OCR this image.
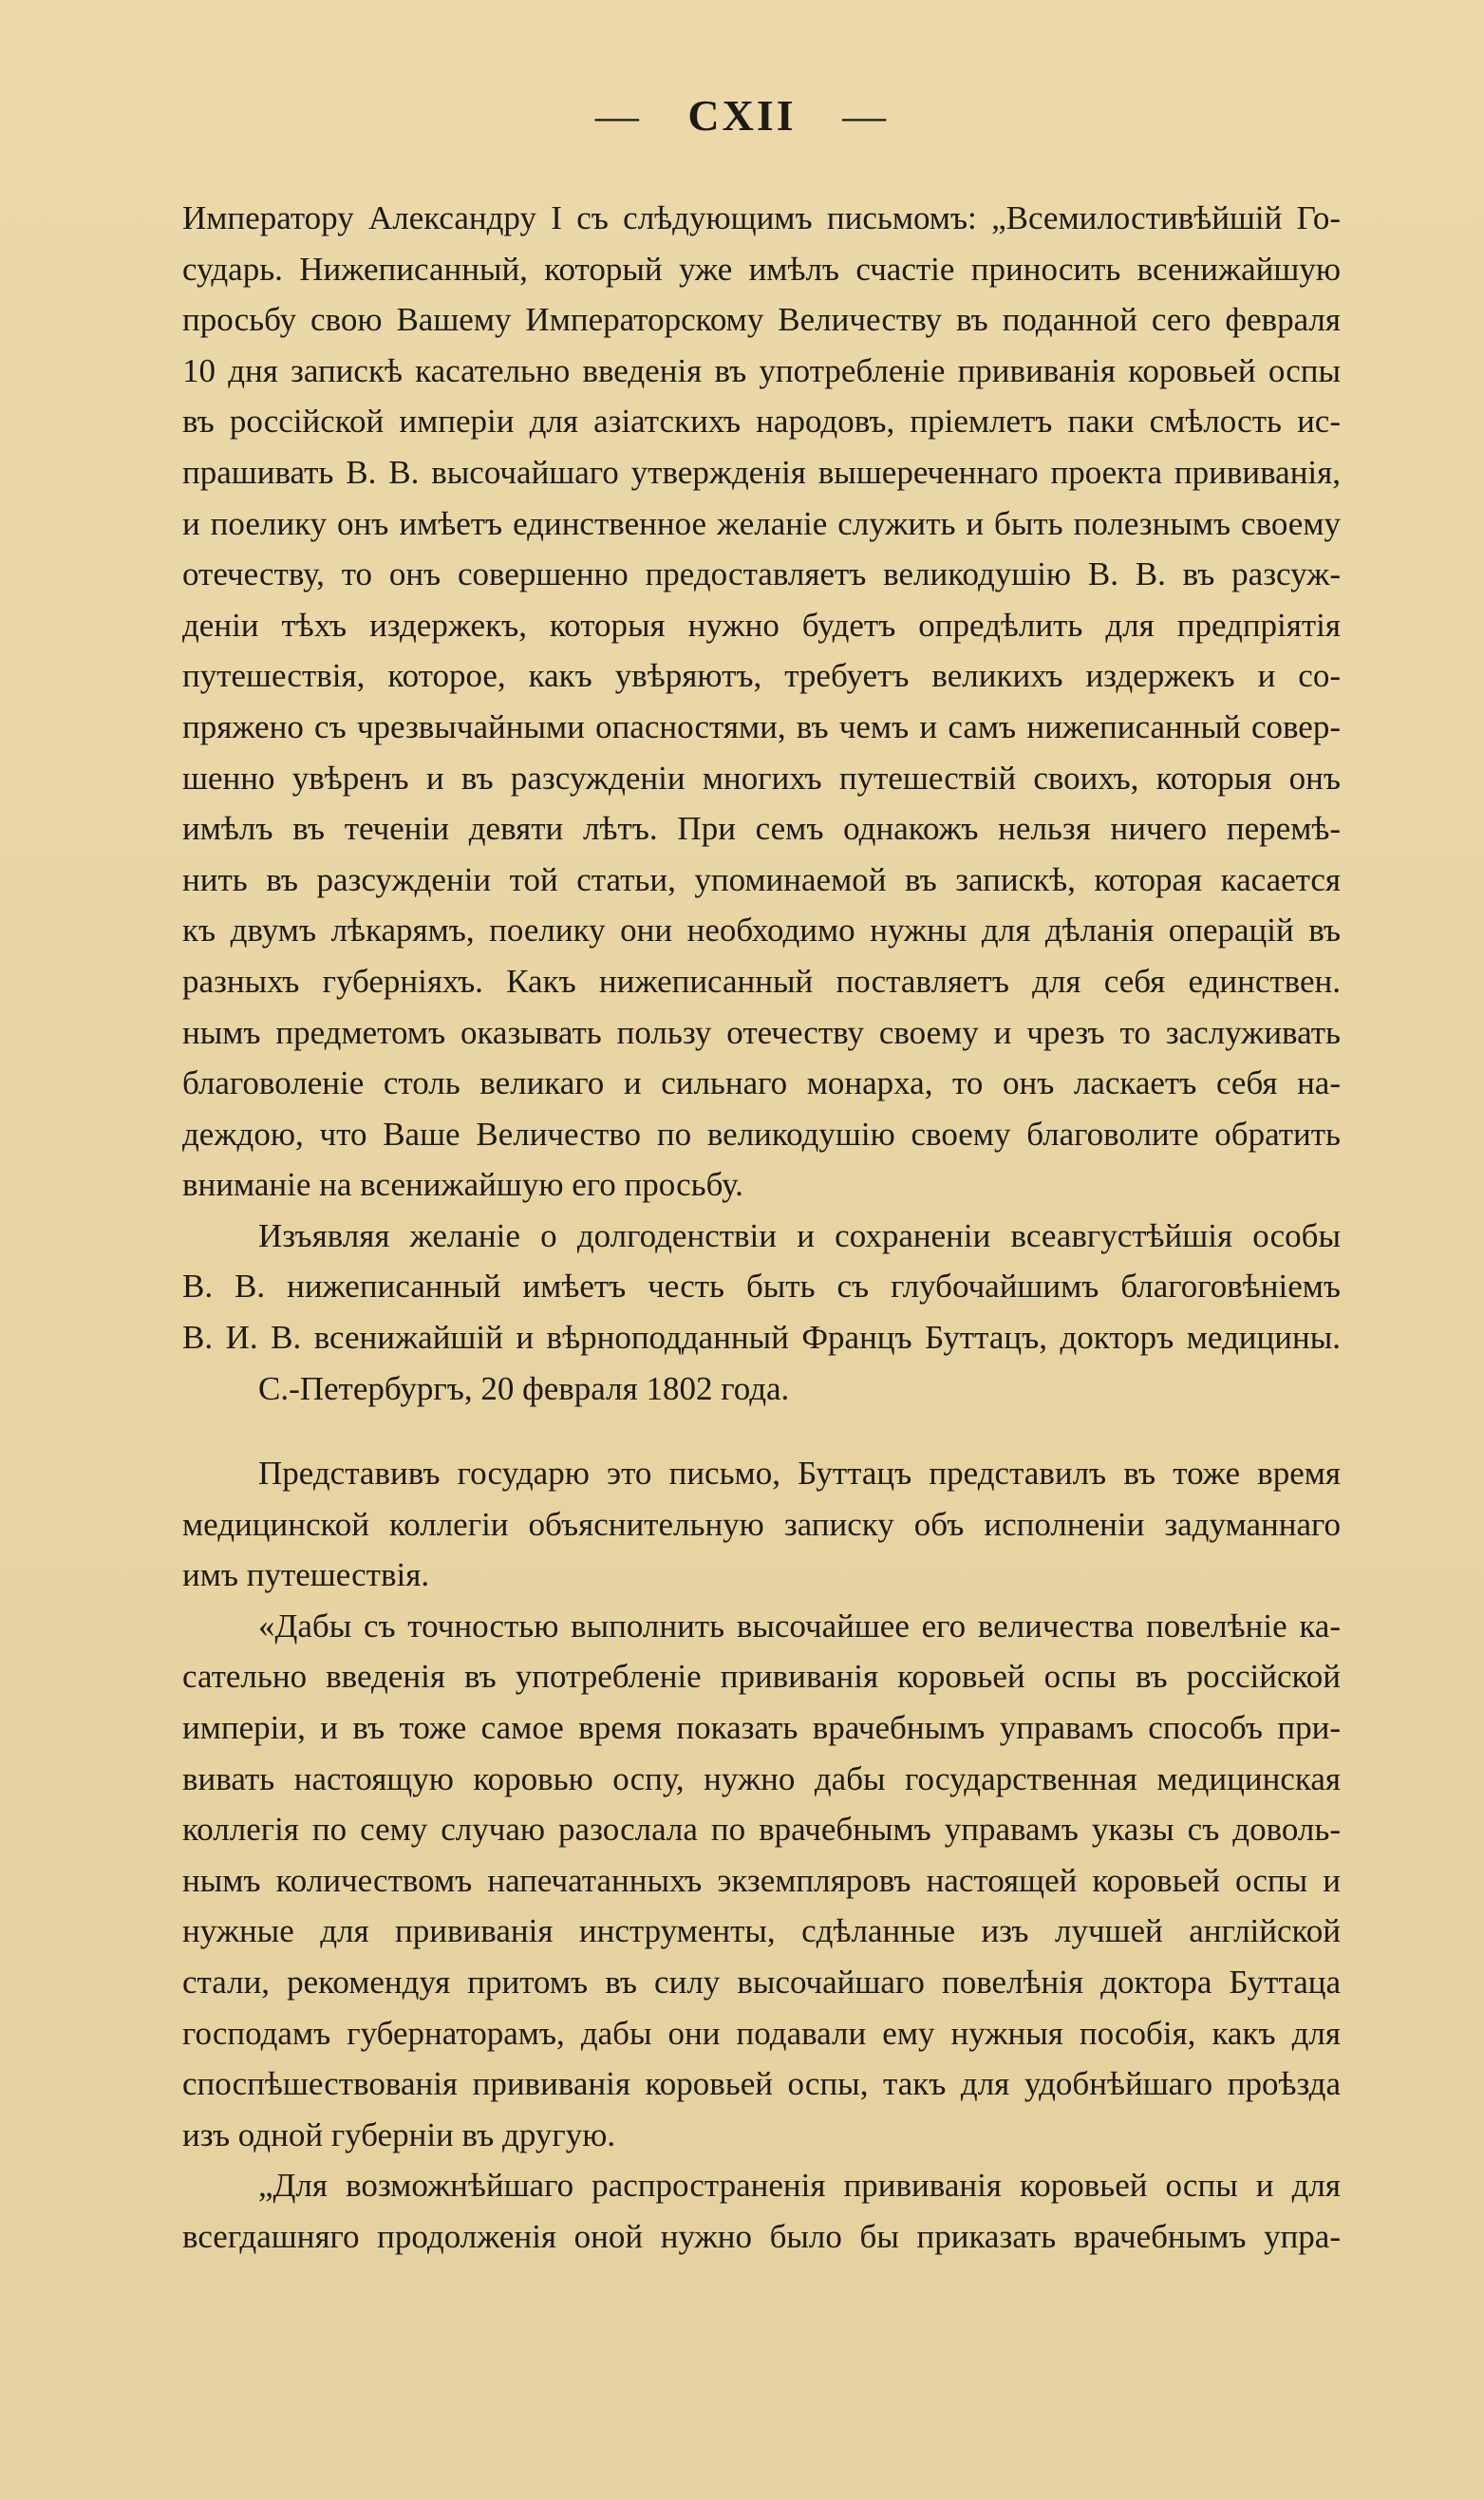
— CXII —
Императору Александру I съ слѣдующимъ письмомъ: „Всемилостивѣйшій Го-
сударь. Нижеписанный, который уже имѣлъ счастіе приносить всенижайшую
просьбу свою Вашему Императорскому Величеству въ поданной сего февраля
10 дня запискѣ касательно введенія въ употребленіе прививанія коровьей оспы
въ россійской имперіи для азіатскихъ народовъ, пріемлетъ паки смѣлость ис-
прашивать В. В. высочайшаго утвержденія вышереченнаго проекта прививанія,
и поелику онъ имѣетъ единственное желаніе служить и быть полезнымъ своему
отечеству, то онъ совершенно предоставляетъ великодушію В. В. въ разсуж-
деніи тѣхъ издержекъ, которыя нужно будетъ опредѣлить для предпріятія
путешествія, которое, какъ увѣряютъ, требуетъ великихъ издержекъ и со-
пряжено съ чрезвычайными опасностями, въ чемъ и самъ нижеписанный совер-
шенно увѣренъ и въ разсужденіи многихъ путешествій своихъ, которыя онъ
имѣлъ въ теченіи девяти лѣтъ. При семъ однакожъ нельзя ничего перемѣ-
нить въ разсужденіи той статьи, упоминаемой въ запискѣ, которая касается
къ двумъ лѣкарямъ, поелику они необходимо нужны для дѣланія операцій въ
разныхъ губерніяхъ. Какъ нижеписанный поставляетъ для себя единствен.
нымъ предметомъ оказывать пользу отечеству своему и чрезъ то заслуживать
благоволеніе столь великаго и сильнаго монарха, то онъ ласкаетъ себя на-
деждою, что Ваше Величество по великодушію своему благоволите обратить
вниманіе на всенижайшую его просьбу.
Изъявляя желаніе о долгоденствіи и сохраненіи всеавгустѣйшія особы
В. В. нижеписанный имѣетъ честь быть съ глубочайшимъ благоговѣніемъ
В. И. В. всенижайшій и вѣрноподданный Францъ Буттацъ, докторъ медицины.
С.-Петербургъ, 20 февраля 1802 года.
Представивъ государю это письмо, Буттацъ представилъ въ тоже время
медицинской коллегіи объяснительную записку объ исполненіи задуманнаго
имъ путешествія.
«Дабы съ точностью выполнить высочайшее его величества повелѣніе ка-
сательно введенія въ употребленіе прививанія коровьей оспы въ россійской
имперіи, и въ тоже самое время показать врачебнымъ управамъ способъ при-
вивать настоящую коровью оспу, нужно дабы государственная медицинская
коллегія по сему случаю разослала по врачебнымъ управамъ указы съ доволь-
нымъ количествомъ напечатанныхъ экземпляровъ настоящей коровьей оспы и
нужные для прививанія инструменты, сдѣланные изъ лучшей англійской
стали, рекомендуя притомъ въ силу высочайшаго повелѣнія доктора Буттаца
господамъ губернаторамъ, дабы они подавали ему нужныя пособія, какъ для
споспѣшествованія прививанія коровьей оспы, такъ для удобнѣйшаго проѣзда
изъ одной губерніи въ другую.
„Для возможнѣйшаго распространенія прививанія коровьей оспы и для
всегдашняго продолженія оной нужно было бы приказать врачебнымъ упра-
